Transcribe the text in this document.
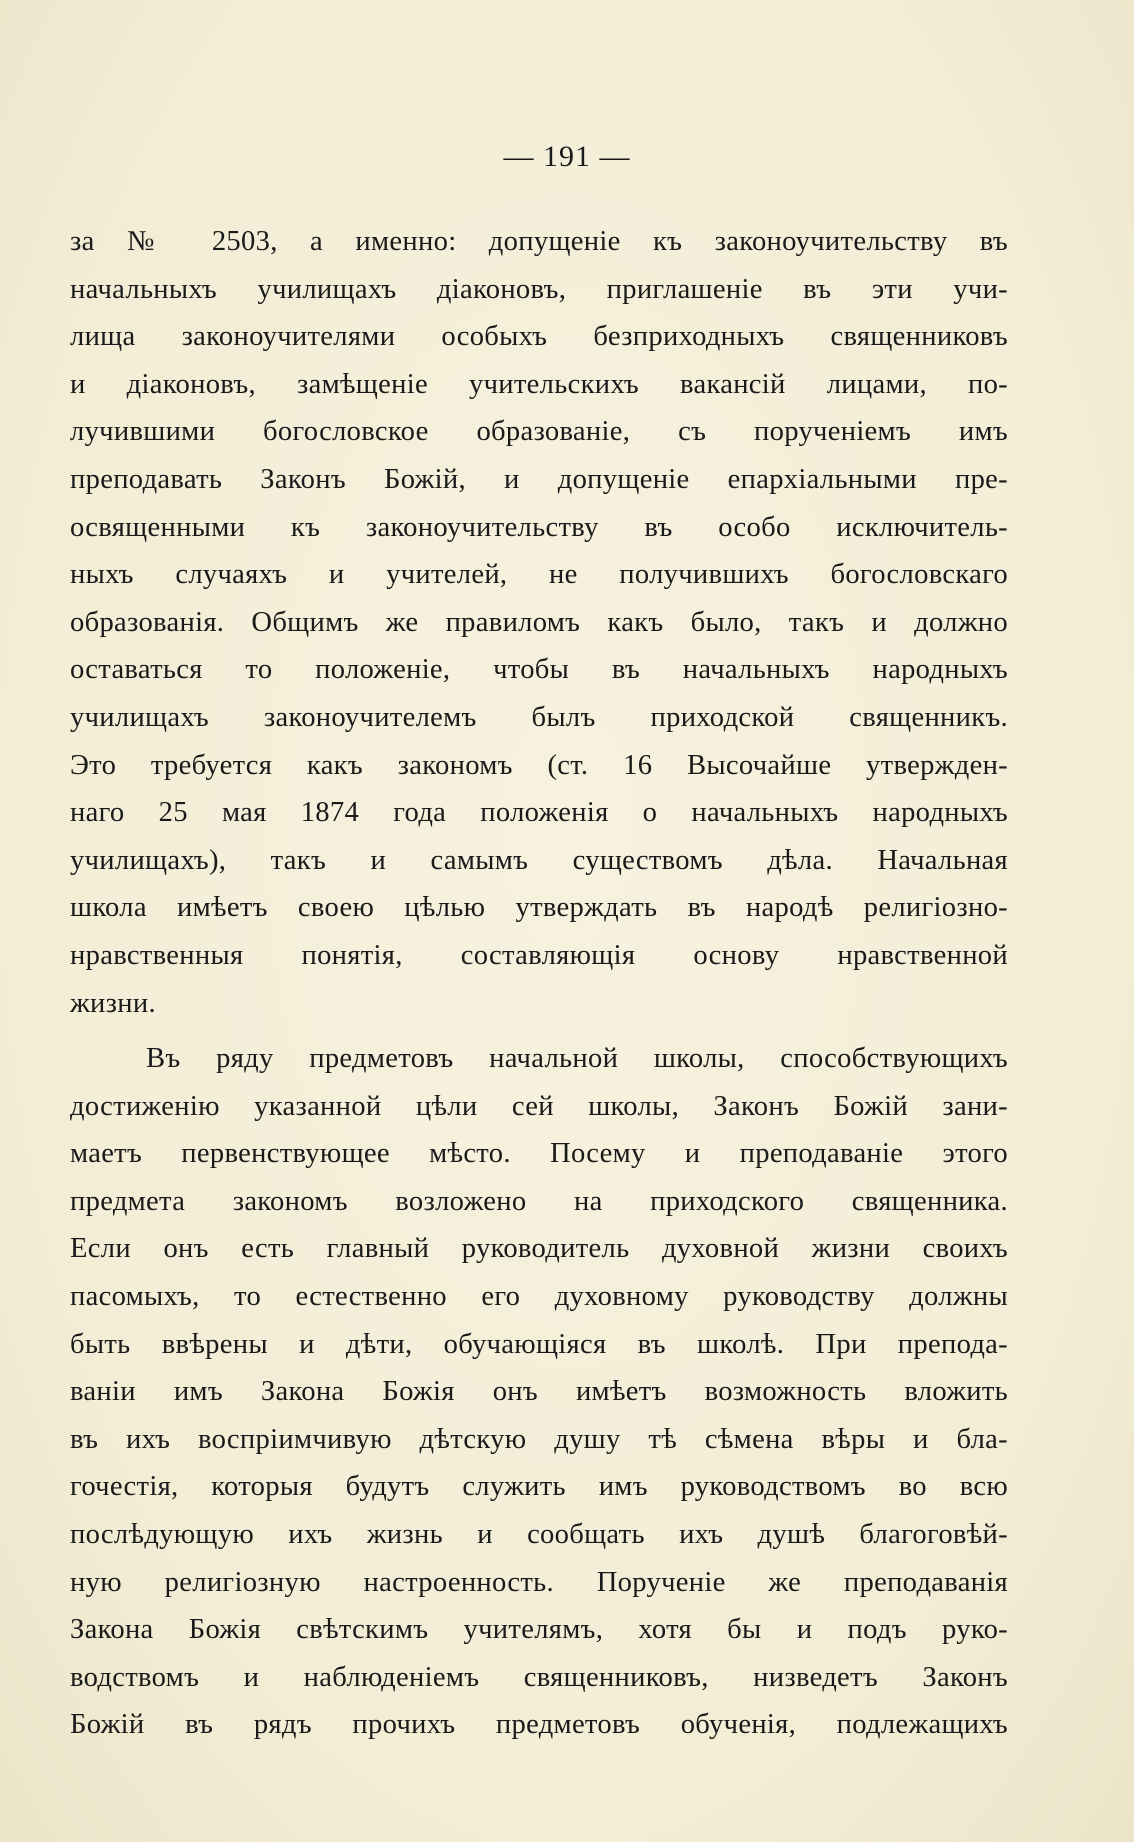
— 191 —
за № 2503, а именно: допущеніе къ законоучительству въ
начальныхъ училищахъ діаконовъ, приглашеніе въ эти учи-
лища законоучителями особыхъ безприходныхъ священниковъ
и діаконовъ, замѣщеніе учительскихъ вакансій лицами, по-
лучившими богословское образованіе, съ порученіемъ имъ
преподавать Законъ Божій, и допущеніе епархіальными пре-
освященными къ законоучительству въ особо исключитель-
ныхъ случаяхъ и учителей, не получившихъ богословскаго
образованія. Общимъ же правиломъ какъ было, такъ и должно
оставаться то положеніе, чтобы въ начальныхъ народныхъ
училищахъ законоучителемъ былъ приходской священникъ.
Это требуется какъ закономъ (ст. 16 Высочайше утвержден-
наго 25 мая 1874 года положенія о начальныхъ народныхъ
училищахъ), такъ и самымъ существомъ дѣла. Начальная
школа имѣетъ своею цѣлью утверждать въ народѣ религіозно-
нравственныя понятія, составляющія основу нравственной
жизни.
Въ ряду предметовъ начальной школы, способствующихъ
достиженію указанной цѣли сей школы, Законъ Божій зани-
маетъ первенствующее мѣсто. Посему и преподаваніе этого
предмета закономъ возложено на приходского священника.
Если онъ есть главный руководитель духовной жизни своихъ
пасомыхъ, то естественно его духовному руководству должны
быть ввѣрены и дѣти, обучающіяся въ школѣ. При препода-
ваніи имъ Закона Божія онъ имѣетъ возможность вложить
въ ихъ воспріимчивую дѣтскую душу тѣ сѣмена вѣры и бла-
гочестія, которыя будутъ служить имъ руководствомъ во всю
послѣдующую ихъ жизнь и сообщать ихъ душѣ благоговѣй-
ную религіозную настроенность. Порученіе же преподаванія
Закона Божія свѣтскимъ учителямъ, хотя бы и подъ руко-
водствомъ и наблюденіемъ священниковъ, низведетъ Законъ
Божій въ рядъ прочихъ предметовъ обученія, подлежащихъ
